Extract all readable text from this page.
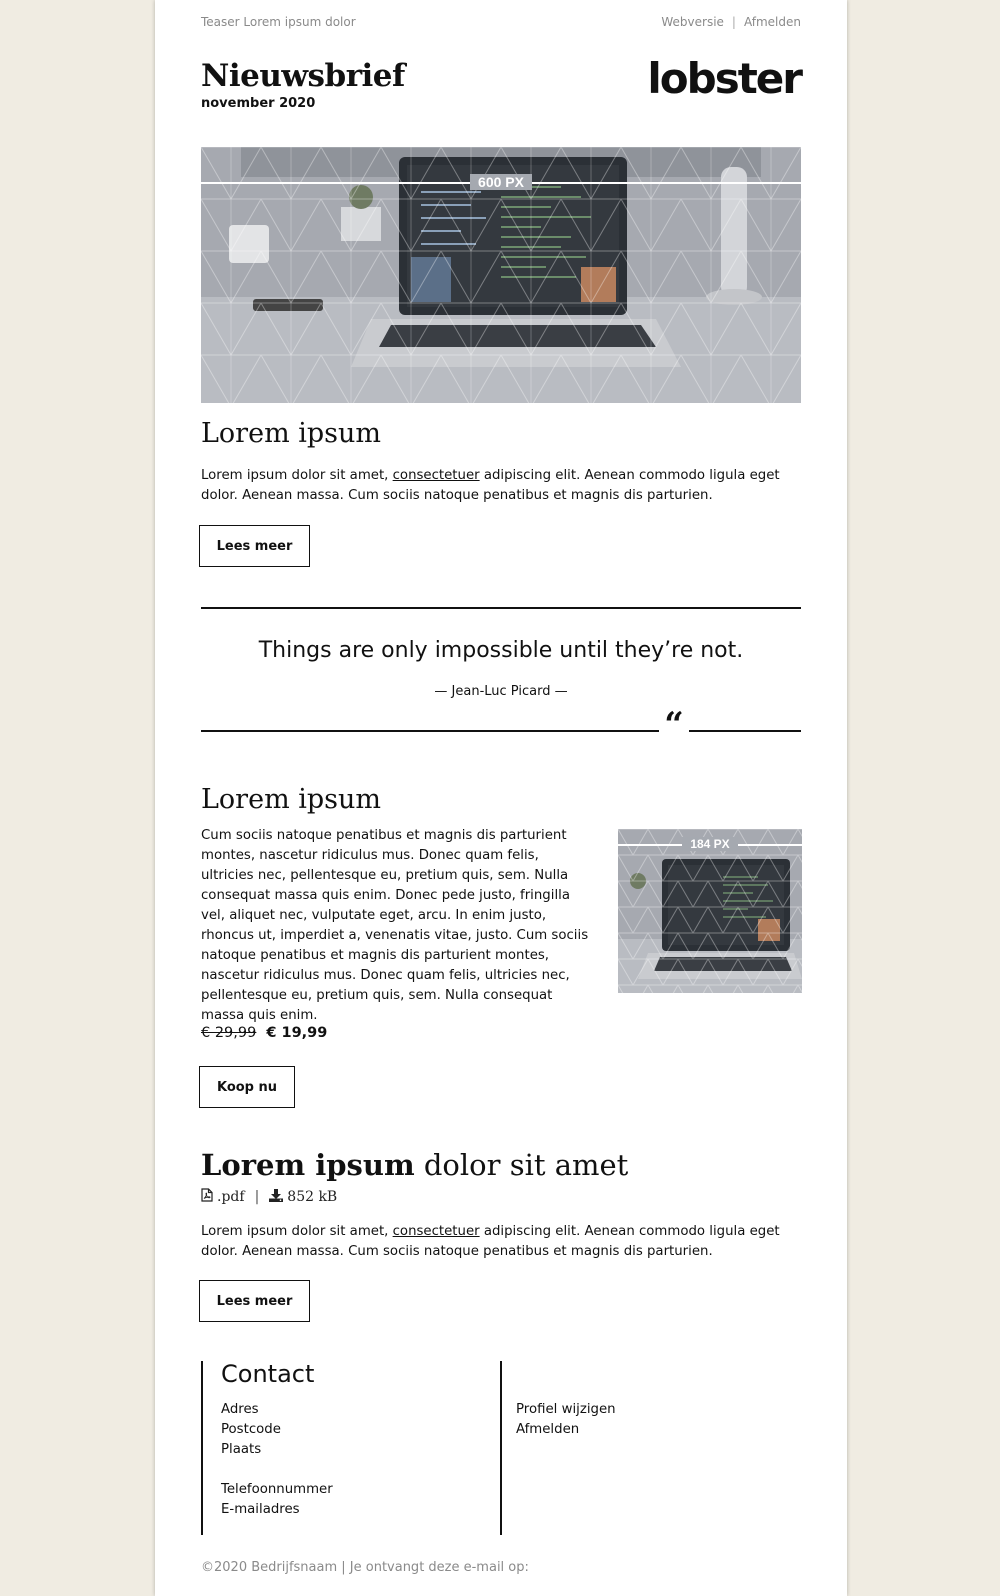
Teaser Lorem ipsum dolor	Webversie | Afmelden
Nieuwsbrief
november 2020
lobster
600 PX
Lorem ipsum

Lorem ipsum dolor sit amet, consectetuer adipiscing elit. Aenean commodo ligula eget dolor. Aenean massa. Cum sociis natoque penatibus et magnis dis parturien.

Lees meer
Things are only impossible until they’re not.
— Jean-Luc Picard —
“
Lorem ipsum

Cum sociis natoque penatibus et magnis dis parturient montes, nascetur ridiculus mus. Donec quam felis, ultricies nec, pellentesque eu, pretium quis, sem. Nulla consequat massa quis enim. Donec pede justo, fringilla vel, aliquet nec, vulputate eget, arcu. In enim justo, rhoncus ut, imperdiet a, venenatis vitae, justo. Cum sociis natoque penatibus et magnis dis parturient montes, nascetur ridiculus mus. Donec quam felis, ultricies nec, pellentesque eu, pretium quis, sem. Nulla consequat massa quis enim.

184 PX
€ 29,99 € 19,99
Koop nu
Lorem ipsum dolor sit amet
.pdf | 852 kB

Lorem ipsum dolor sit amet, consectetuer adipiscing elit. Aenean commodo ligula eget dolor. Aenean massa. Cum sociis natoque penatibus et magnis dis parturien.

Lees meer
Contact
Adres
Postcode
Plaats
Telefoonnummer
E-mailadres
Profiel wijzigen
Afmelden
©2020 Bedrijfsnaam | Je ontvangt deze e-mail op:
